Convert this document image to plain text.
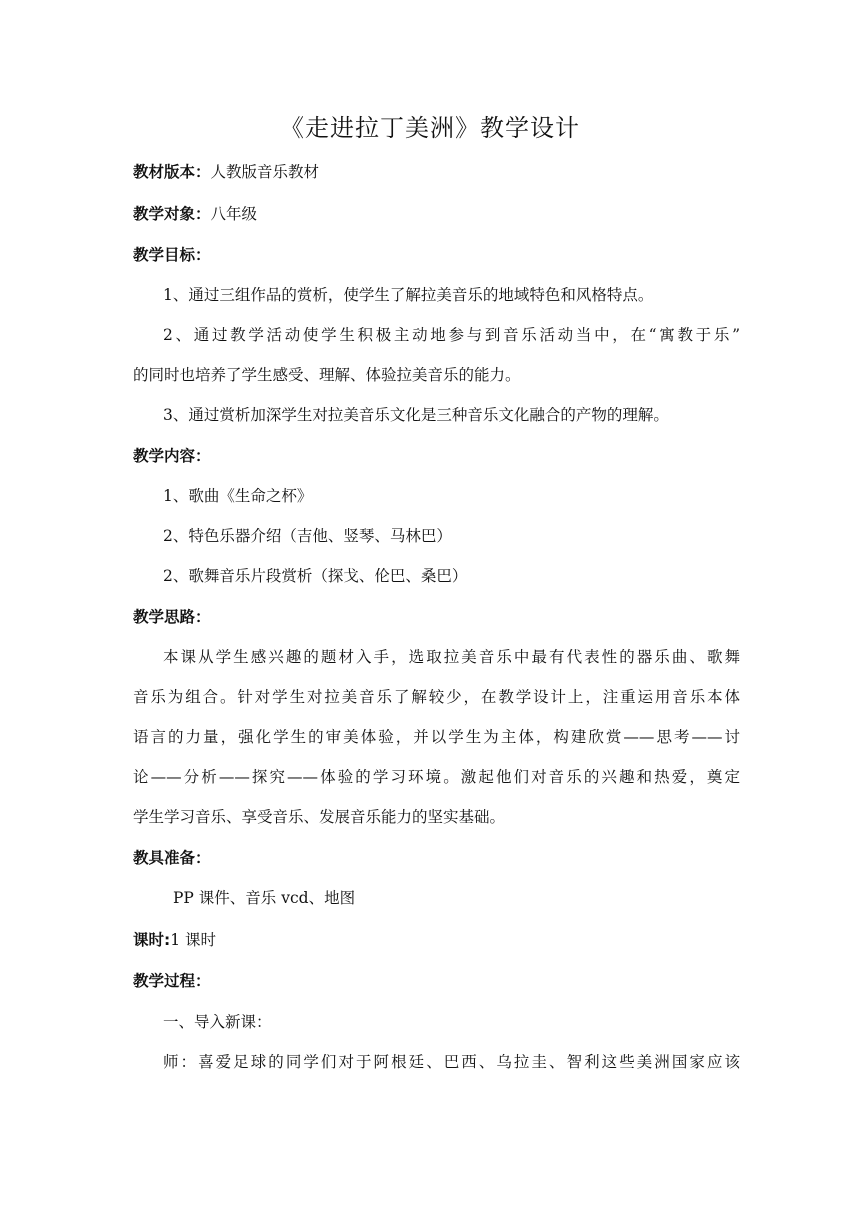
《走进拉丁美洲》教学设计
教材版本：人教版音乐教材
教学对象：八年级
教学目标：
1、通过三组作品的赏析，使学生了解拉美音乐的地域特色和风格特点。
2、通过教学活动使学生积极主动地参与到音乐活动当中，在“寓教于乐”
的同时也培养了学生感受、理解、体验拉美音乐的能力。
3、通过赏析加深学生对拉美音乐文化是三种音乐文化融合的产物的理解。
教学内容：
1、歌曲《生命之杯》
2、特色乐器介绍（吉他、竖琴、马林巴）
2、歌舞音乐片段赏析（探戈、伦巴、桑巴）
教学思路：
本课从学生感兴趣的题材入手，选取拉美音乐中最有代表性的器乐曲、歌舞
音乐为组合。针对学生对拉美音乐了解较少，在教学设计上，注重运用音乐本体
语言的力量，强化学生的审美体验，并以学生为主体，构建欣赏——思考——讨
论——分析——探究——体验的学习环境。激起他们对音乐的兴趣和热爱，奠定
学生学习音乐、享受音乐、发展音乐能力的坚实基础。
教具准备：
PP 课件、音乐 vcd、地图
课时:1 课时
教学过程：
一、导入新课：
师：喜爱足球的同学们对于阿根廷、巴西、乌拉圭、智利这些美洲国家应该
